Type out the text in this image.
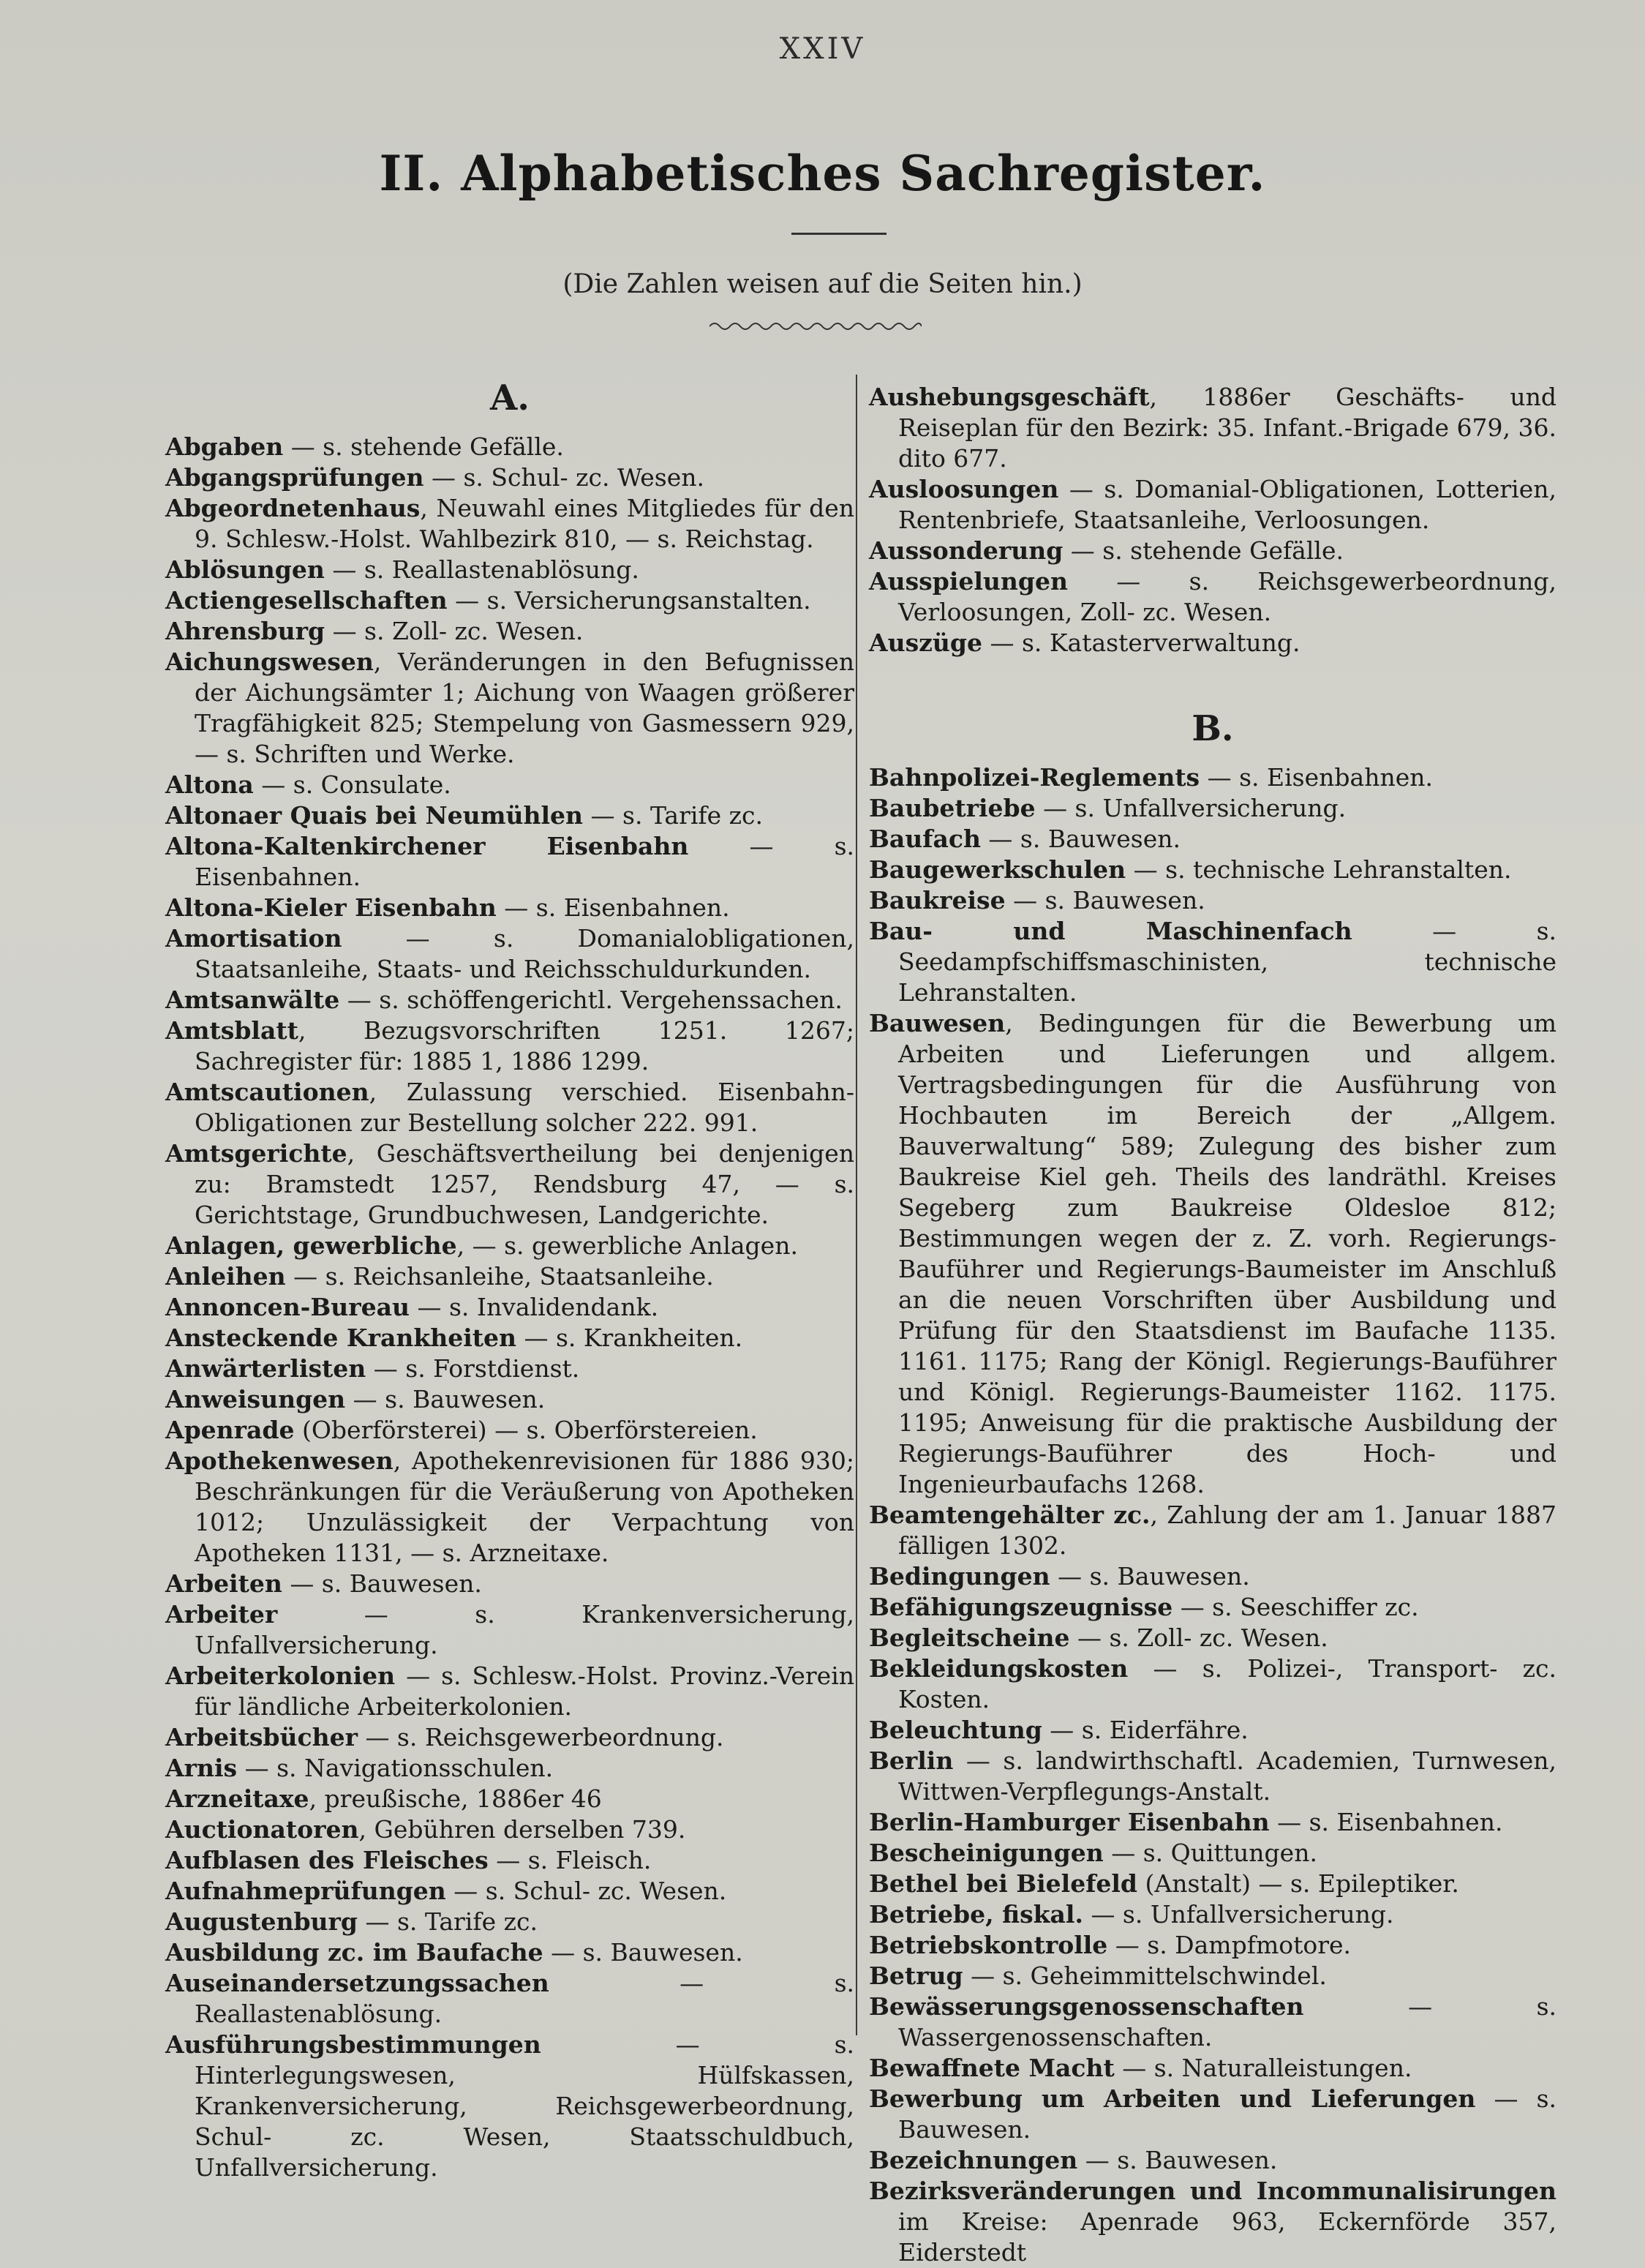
XXIV
II. Alphabetisches Sachregister.
(Die Zahlen weisen auf die Seiten hin.)
A.

Abgaben — s. stehende Gefälle.

Abgangsprüfungen — s. Schul- zc. Wesen.

Abgeordnetenhaus, Neuwahl eines Mitgliedes für den 9. Schlesw.-Holst. Wahlbezirk 810, — s. Reichstag.

Ablösungen — s. Reallastenablösung.

Actiengesellschaften — s. Versicherungsanstalten.

Ahrensburg — s. Zoll- zc. Wesen.

Aichungswesen, Veränderungen in den Befugnissen der Aichungsämter 1; Aichung von Waagen größerer Tragfähigkeit 825; Stempelung von Gasmessern 929, — s. Schriften und Werke.

Altona — s. Consulate.

Altonaer Quais bei Neumühlen — s. Tarife zc.

Altona-Kaltenkirchener Eisenbahn — s. Eisenbahnen.

Altona-Kieler Eisenbahn — s. Eisenbahnen.

Amortisation — s. Domanialobligationen, Staatsanleihe, Staats- und Reichsschuldurkunden.

Amtsanwälte — s. schöffengerichtl. Vergehenssachen.

Amtsblatt, Bezugsvorschriften 1251. 1267; Sachregister für: 1885 1, 1886 1299.

Amtscautionen, Zulassung verschied. Eisenbahn-Obligationen zur Bestellung solcher 222. 991.

Amtsgerichte, Geschäftsvertheilung bei denjenigen zu: Bramstedt 1257, Rendsburg 47, — s. Gerichtstage, Grundbuchwesen, Landgerichte.

Anlagen, gewerbliche, — s. gewerbliche Anlagen.

Anleihen — s. Reichsanleihe, Staatsanleihe.

Annoncen-Bureau — s. Invalidendank.

Ansteckende Krankheiten — s. Krankheiten.

Anwärterlisten — s. Forstdienst.

Anweisungen — s. Bauwesen.

Apenrade (Oberförsterei) — s. Oberförstereien.

Apothekenwesen, Apothekenrevisionen für 1886 930; Beschränkungen für die Veräußerung von Apotheken 1012; Unzulässigkeit der Verpachtung von Apotheken 1131, — s. Arzneitaxe.

Arbeiten — s. Bauwesen.

Arbeiter — s. Krankenversicherung, Unfallversicherung.

Arbeiterkolonien — s. Schlesw.-Holst. Provinz.-Verein für ländliche Arbeiterkolonien.

Arbeitsbücher — s. Reichsgewerbeordnung.

Arnis — s. Navigationsschulen.

Arzneitaxe, preußische, 1886er 46

Auctionatoren, Gebühren derselben 739.

Aufblasen des Fleisches — s. Fleisch.

Aufnahmeprüfungen — s. Schul- zc. Wesen.

Augustenburg — s. Tarife zc.

Ausbildung zc. im Baufache — s. Bauwesen.

Auseinandersetzungssachen — s. Reallastenablösung.

Ausführungsbestimmungen — s. Hinterlegungswesen, Hülfskassen, Krankenversicherung, Reichsgewerbeordnung, Schul- zc. Wesen, Staatsschuldbuch, Unfallversicherung.

Aushebungsgeschäft, 1886er Geschäfts- und Reiseplan für den Bezirk: 35. Infant.-Brigade 679, 36. dito 677.

Ausloosungen — s. Domanial-Obligationen, Lotterien, Rentenbriefe, Staatsanleihe, Verloosungen.

Aussonderung — s. stehende Gefälle.

Ausspielungen — s. Reichsgewerbeordnung, Verloosungen, Zoll- zc. Wesen.

Auszüge — s. Katasterverwaltung.

B.

Bahnpolizei-Reglements — s. Eisenbahnen.

Baubetriebe — s. Unfallversicherung.

Baufach — s. Bauwesen.

Baugewerkschulen — s. technische Lehranstalten.

Baukreise — s. Bauwesen.

Bau- und Maschinenfach — s. Seedampfschiffsmaschinisten, technische Lehranstalten.

Bauwesen, Bedingungen für die Bewerbung um Arbeiten und Lieferungen und allgem. Vertragsbedingungen für die Ausführung von Hochbauten im Bereich der „Allgem. Bauverwaltung“ 589; Zulegung des bisher zum Baukreise Kiel geh. Theils des landräthl. Kreises Segeberg zum Baukreise Oldesloe 812; Bestimmungen wegen der z. Z. vorh. Regierungs-Bauführer und Regierungs-Baumeister im Anschluß an die neuen Vorschriften über Ausbildung und Prüfung für den Staatsdienst im Baufache 1135. 1161. 1175; Rang der Königl. Regierungs-Bauführer und Königl. Regierungs-Baumeister 1162. 1175. 1195; Anweisung für die praktische Ausbildung der Regierungs-Bauführer des Hoch- und Ingenieurbaufachs 1268.

Beamtengehälter zc., Zahlung der am 1. Januar 1887 fälligen 1302.

Bedingungen — s. Bauwesen.

Befähigungszeugnisse — s. Seeschiffer zc.

Begleitscheine — s. Zoll- zc. Wesen.

Bekleidungskosten — s. Polizei-, Transport- zc. Kosten.

Beleuchtung — s. Eiderfähre.

Berlin — s. landwirthschaftl. Academien, Turnwesen, Wittwen-Verpflegungs-Anstalt.

Berlin-Hamburger Eisenbahn — s. Eisenbahnen.

Bescheinigungen — s. Quittungen.

Bethel bei Bielefeld (Anstalt) — s. Epileptiker.

Betriebe, fiskal. — s. Unfallversicherung.

Betriebskontrolle — s. Dampfmotore.

Betrug — s. Geheimmittelschwindel.

Bewässerungsgenossenschaften — s. Wassergenossenschaften.

Bewaffnete Macht — s. Naturalleistungen.

Bewerbung um Arbeiten und Lieferungen — s. Bauwesen.

Bezeichnungen — s. Bauwesen.

Bezirksveränderungen und Incommunalisirungen im Kreise: Apenrade 963, Eckernförde 357, Eiderstedt
